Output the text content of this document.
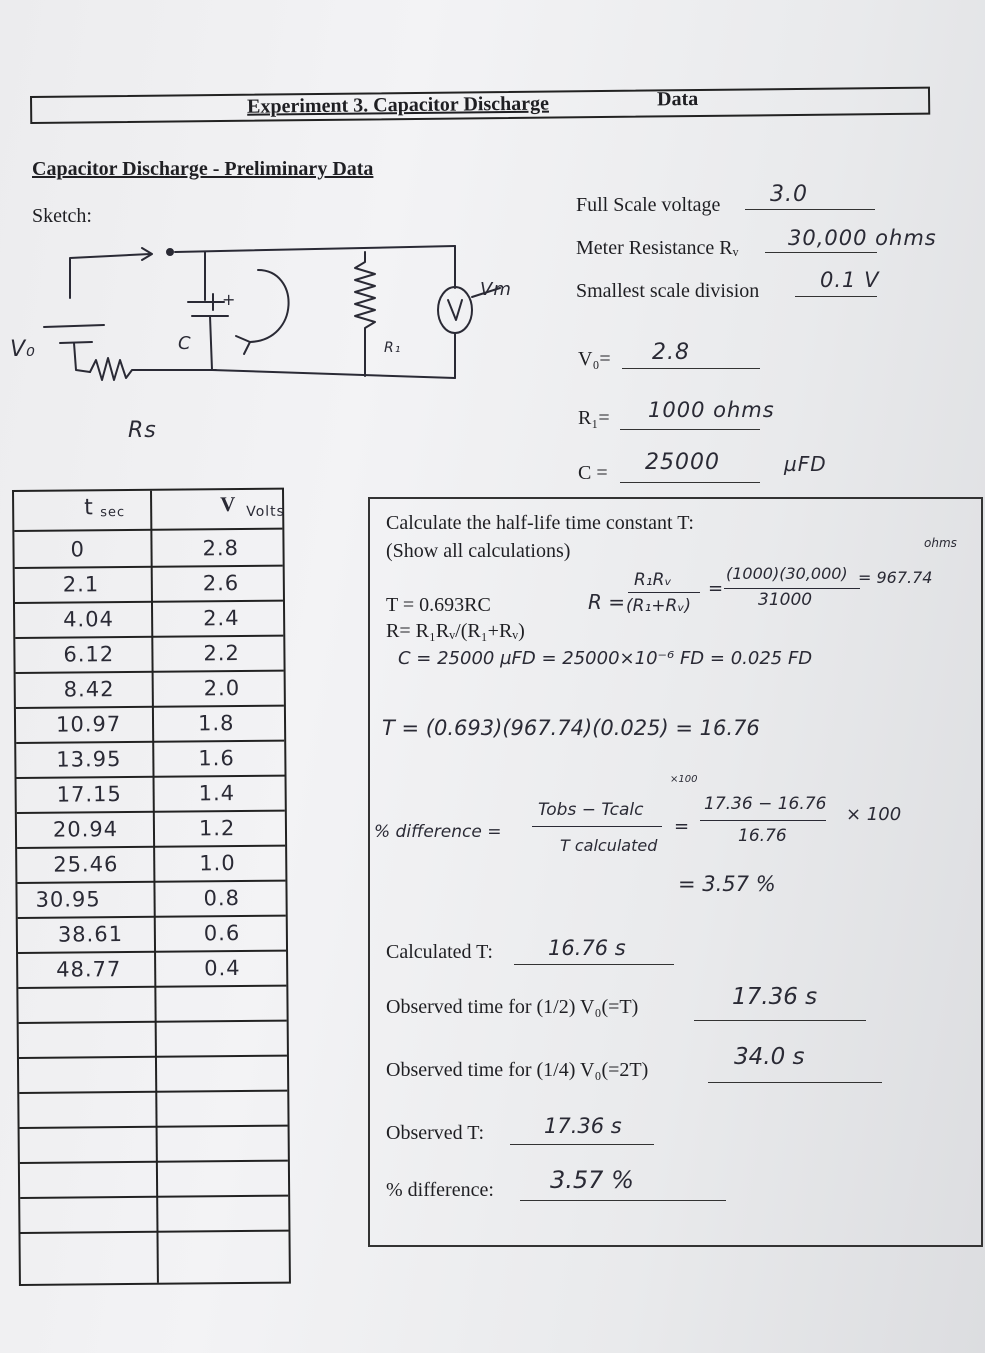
Experiment 3. Capacitor Discharge	Data
Capacitor Discharge - Preliminary Data
Sketch:
V₀
Rs
C
+
R₁
Vm
Full Scale voltage 3.0
Meter Resistance Rᵥ 30,000 ohms
Smallest scale division	0.1 V
V₀= 2.8
R₁= 1000 ohms
C = 25000	µFD
t sec	V Volts
0	2.8
2.1	2.6
4.04	2.4
6.12	2.2
8.42	2.0
10.97	1.8
13.95	1.6
17.15	1.4
20.94	1.2
25.46	1.0
30.95	0.8
38.61	0.6
48.77	0.4
Calculate the half-life time constant T:
(Show all calculations)
T = 0.693RC
R= R₁Rᵥ/(R₁+Rᵥ)
R =
R₁Rᵥ
(R₁+Rᵥ)
=
(1000)(30,000)
31000
= 967.74
ohms
C = 25000 µFD = 25000×10⁻⁶ FD = 0.025 FD
T = (0.693)(967.74)(0.025) = 16.76
% difference =
Tobs − Tcalc
T calculated
×100
=
17.36 − 16.76
16.76
× 100
= 3.57 %
Calculated T:	16.76 s
Observed time for (1/2) V₀(=T)	17.36 s
Observed time for (1/4) V₀(=2T)	34.0 s
Observed T:	17.36 s
% difference: 3.57 %
